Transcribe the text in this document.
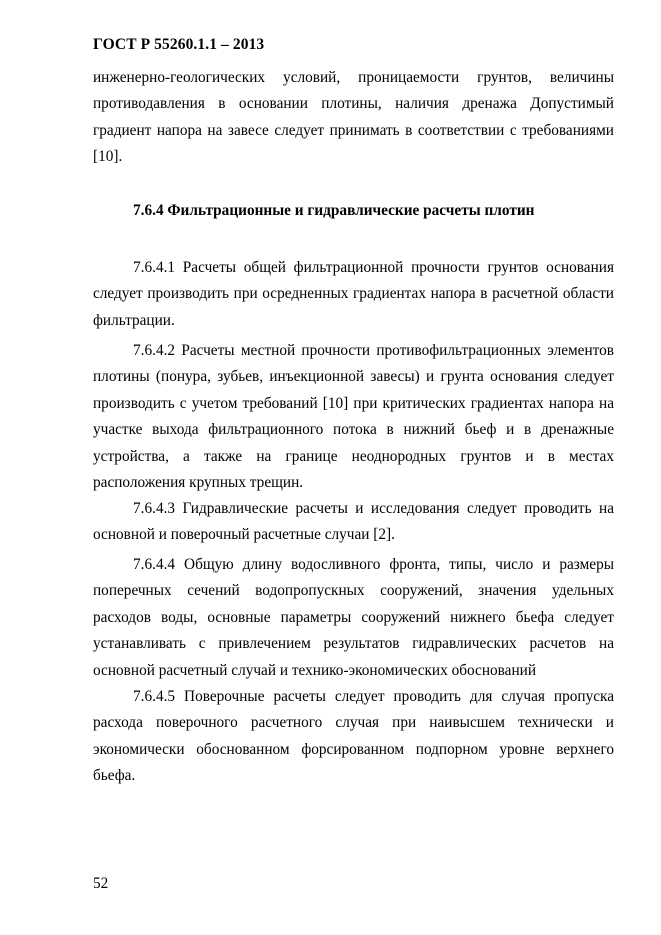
ГОСТ Р 55260.1.1 – 2013
инженерно-геологических условий, проницаемости грунтов, величины противодавления в основании плотины, наличия дренажа Допустимый градиент напора на завесе следует принимать в соответствии с требованиями [10].
7.6.4 Фильтрационные и гидравлические расчеты плотин
7.6.4.1 Расчеты общей фильтрационной прочности грунтов основания следует производить при осредненных градиентах напора в расчетной области фильтрации.
7.6.4.2 Расчеты местной прочности противофильтрационных элементов плотины (понура, зубьев, инъекционной завесы) и грунта основания следует производить с учетом требований [10] при критических градиентах напора на участке выхода фильтрационного потока в нижний бьеф и в дренажные устройства, а также на границе неоднородных грунтов и в местах расположения крупных трещин.
7.6.4.3 Гидравлические расчеты и исследования следует проводить на основной и поверочный расчетные случаи [2].
7.6.4.4 Общую длину водосливного фронта, типы, число и размеры поперечных сечений водопропускных сооружений, значения удельных расходов воды, основные параметры сооружений нижнего бьефа следует устанавливать с привлечением результатов гидравлических расчетов на основной расчетный случай и технико-экономических обоснований
7.6.4.5 Поверочные расчеты следует проводить для случая пропуска расхода поверочного расчетного случая при наивысшем технически и экономически обоснованном форсированном подпорном уровне верхнего бьефа.
52
